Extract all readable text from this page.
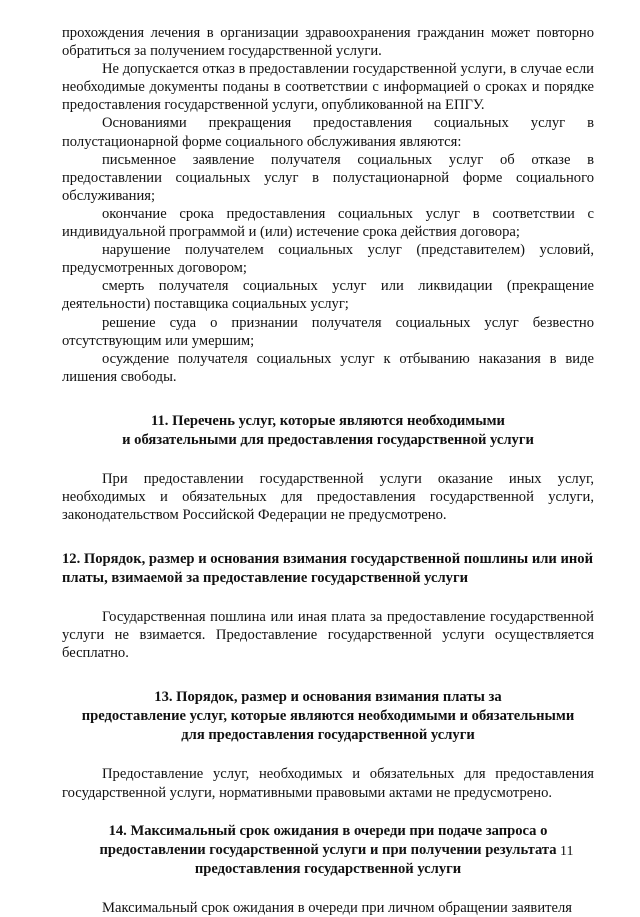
прохождения лечения в организации здравоохранения гражданин может повторно обратиться за получением государственной услуги.

Не допускается отказ в предоставлении государственной услуги, в случае если необходимые документы поданы в соответствии с информацией о сроках и порядке предоставления государственной услуги, опубликованной на ЕПГУ.

Основаниями прекращения предоставления социальных услуг в полустационарной форме социального обслуживания являются:

письменное заявление получателя социальных услуг об отказе в предоставлении социальных услуг в полустационарной форме социального обслуживания;

окончание срока предоставления социальных услуг в соответствии с индивидуальной программой и (или) истечение срока действия договора;

нарушение получателем социальных услуг (представителем) условий, предусмотренных договором;

смерть получателя социальных услуг или ликвидации (прекращение деятельности) поставщика социальных услуг;

решение суда о признании получателя социальных услуг безвестно отсутствующим или умершим;

осуждение получателя социальных услуг к отбыванию наказания в виде лишения свободы.

11. Перечень услуг, которые являются необходимыми
и обязательными для предоставления государственной услуги

При предоставлении государственной услуги оказание иных услуг, необходимых и обязательных для предоставления государственной услуги, законодательством Российской Федерации не предусмотрено.

12. Порядок, размер и основания взимания государственной пошлины или иной платы, взимаемой за предоставление государственной услуги

Государственная пошлина или иная плата за предоставление государственной услуги не взимается. Предоставление государственной услуги осуществляется бесплатно.

13. Порядок, размер и основания взимания платы за
предоставление услуг, которые являются необходимыми и обязательными
для предоставления государственной услуги

Предоставление услуг, необходимых и обязательных для предоставления государственной услуги, нормативными правовыми актами не предусмотрено.

14. Максимальный срок ожидания в очереди при подаче запроса о
предоставлении государственной услуги и при получении результата
предоставления государственной услуги

Максимальный срок ожидания в очереди при личном обращении заявителя

11
